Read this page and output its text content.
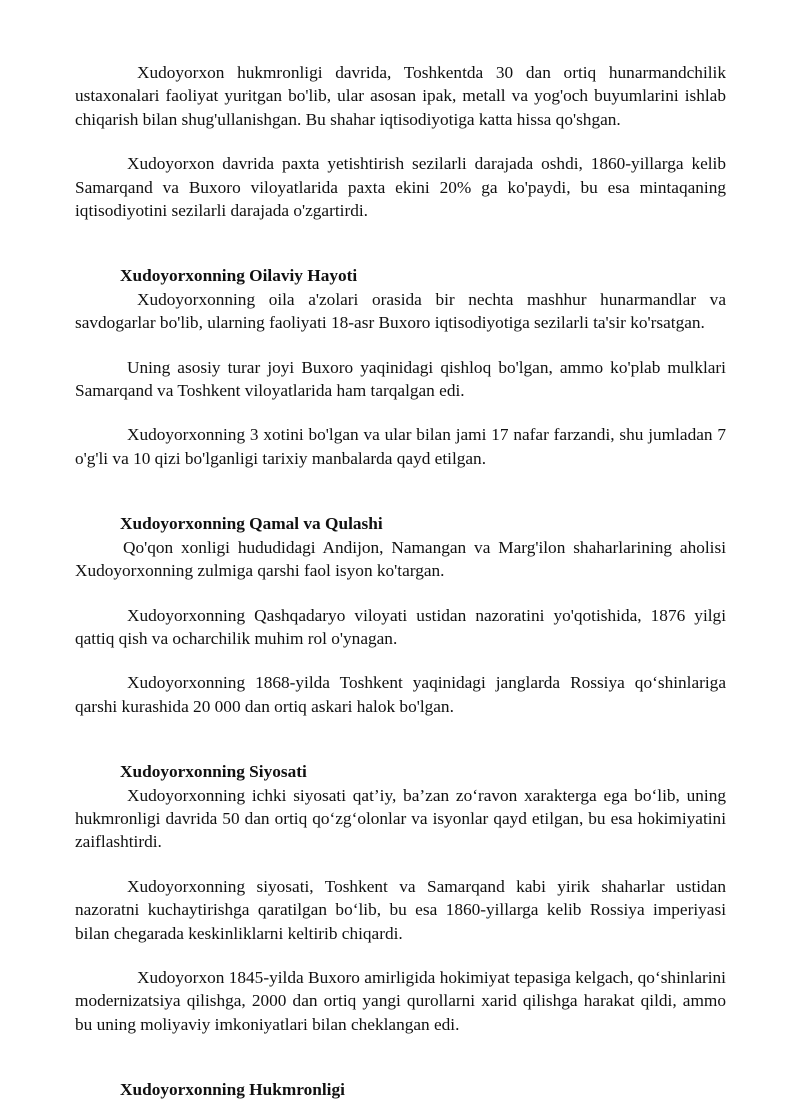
Xudoyorxon hukmronligi davrida, Toshkentda 30 dan ortiq hunarmandchilik ustaxonalari faoliyat yuritgan bo'lib, ular asosan ipak, metall va yog'och buyumlarini ishlab chiqarish bilan shug'ullanishgan. Bu shahar iqtisodiyotiga katta hissa qo'shgan.

Xudoyorxon davrida paxta yetishtirish sezilarli darajada oshdi, 1860-yillarga kelib Samarqand va Buxoro viloyatlarida paxta ekini 20% ga ko'paydi, bu esa mintaqaning iqtisodiyotini sezilarli darajada o'zgartirdi.

Xudoyorxonning Oilaviy Hayoti

Xudoyorxonning oila a'zolari orasida bir nechta mashhur hunarmandlar va savdogarlar bo'lib, ularning faoliyati 18-asr Buxoro iqtisodiyotiga sezilarli ta'sir ko'rsatgan.

Uning asosiy turar joyi Buxoro yaqinidagi qishloq bo'lgan, ammo ko'plab mulklari Samarqand va Toshkent viloyatlarida ham tarqalgan edi.

Xudoyorxonning 3 xotini bo'lgan va ular bilan jami 17 nafar farzandi, shu jumladan 7 o'g'li va 10 qizi bo'lganligi tarixiy manbalarda qayd etilgan.

Xudoyorxonning Qamal va Qulashi

Qo'qon xonligi hududidagi Andijon, Namangan va Marg'ilon shaharlarining aholisi Xudoyorxonning zulmiga qarshi faol isyon ko'targan.

Xudoyorxonning Qashqadaryo viloyati ustidan nazoratini yo'qotishida, 1876 yilgi qattiq qish va ocharchilik muhim rol o'ynagan.

Xudoyorxonning 1868-yilda Toshkent yaqinidagi janglarda Rossiya qo‘shinlariga qarshi kurashida 20 000 dan ortiq askari halok bo'lgan.

Xudoyorxonning Siyosati

Xudoyorxonning ichki siyosati qat’iy, ba’zan zo‘ravon xarakterga ega bo‘lib, uning hukmronligi davrida 50 dan ortiq qo‘zg‘olonlar va isyonlar qayd etilgan, bu esa hokimiyatini zaiflashtirdi.

Xudoyorxonning siyosati, Toshkent va Samarqand kabi yirik shaharlar ustidan nazoratni kuchaytirishga qaratilgan bo‘lib, bu esa 1860-yillarga kelib Rossiya imperiyasi bilan chegarada keskinliklarni keltirib chiqardi.

Xudoyorxon 1845-yilda Buxoro amirligida hokimiyat tepasiga kelgach, qo‘shinlarini modernizatsiya qilishga, 2000 dan ortiq yangi qurollarni xarid qilishga harakat qildi, ammo bu uning moliyaviy imkoniyatlari bilan cheklangan edi.

Xudoyorxonning Hukmronligi
